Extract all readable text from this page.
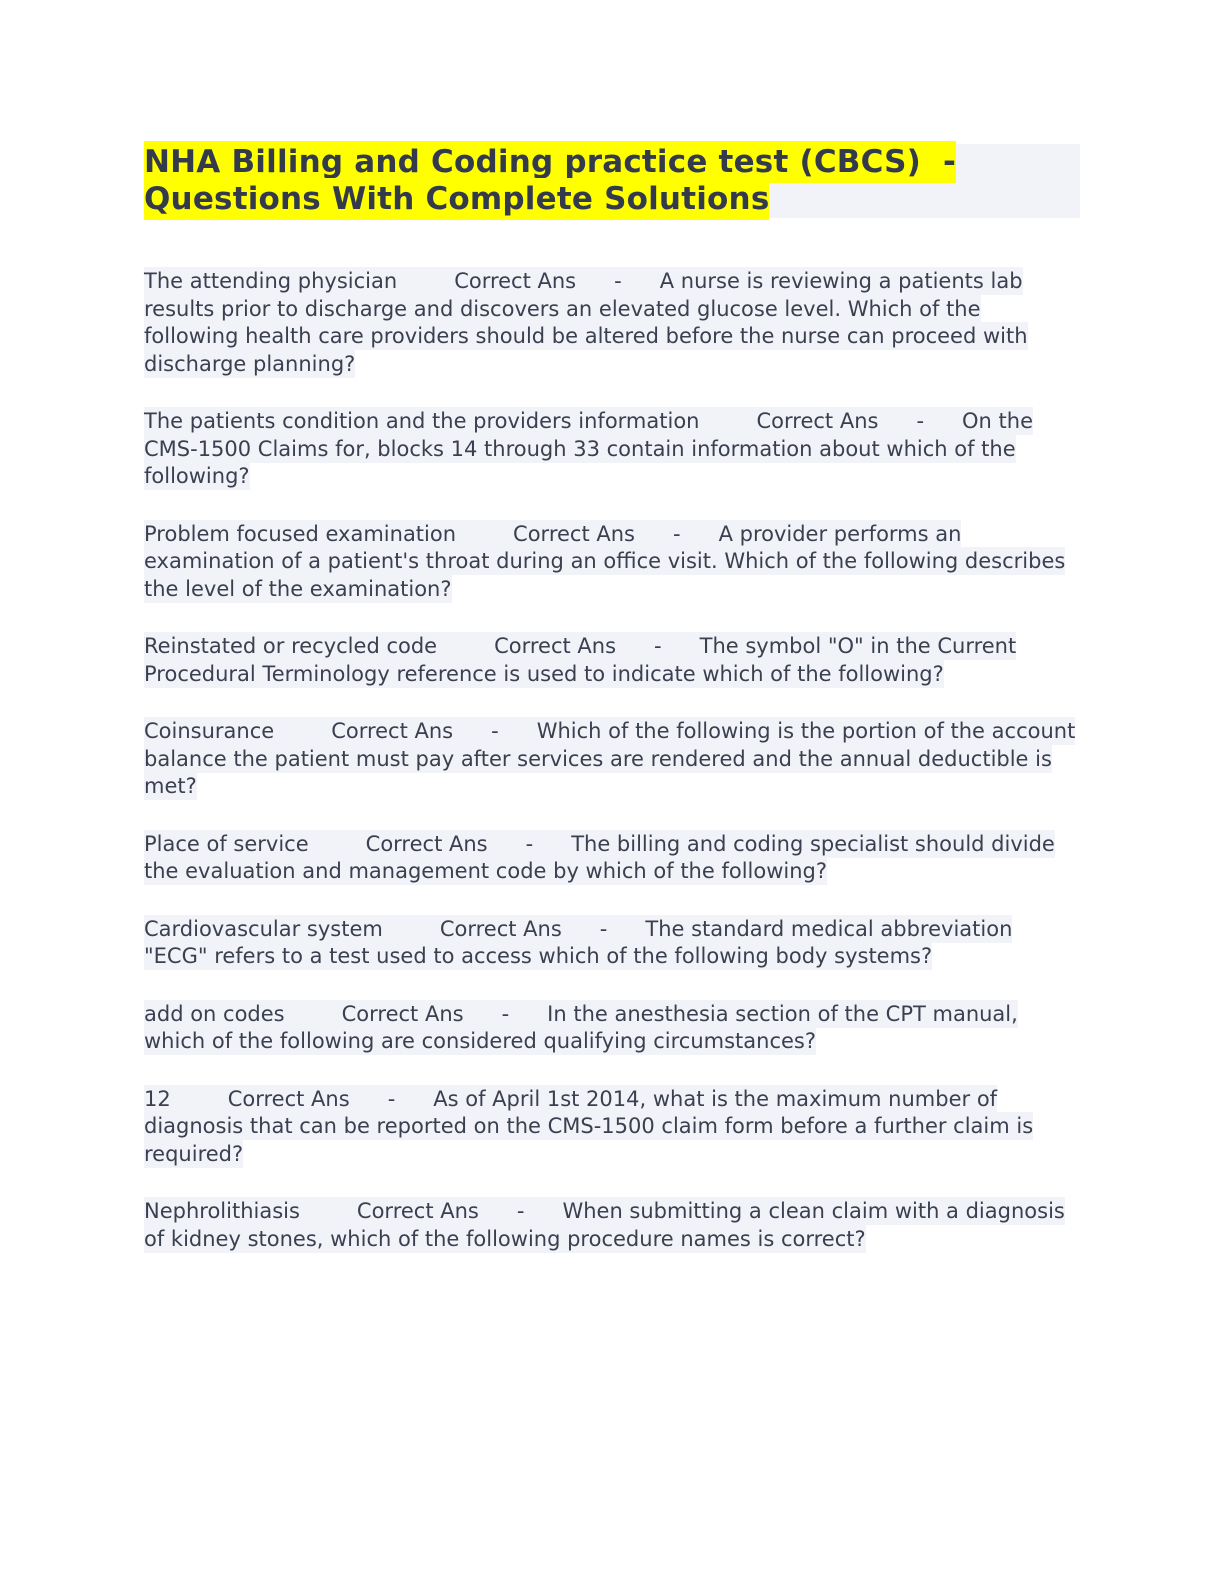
NHA Billing and Coding practice test (CBCS)  - Questions With Complete Solutions

The attending physician	Correct Ans - A nurse is reviewing a patients lab results prior to discharge and discovers an elevated glucose level. Which of the following health care providers should be altered before the nurse can proceed with discharge planning?

The patients condition and the providers information	Correct Ans - On the CMS-1500 Claims for, blocks 14 through 33 contain information about which of the following?

Problem focused examination	Correct Ans - A provider performs an examination of a patient's throat during an office visit. Which of the following describes the level of the examination?

Reinstated or recycled code	Correct Ans - The symbol "O" in the Current Procedural Terminology reference is used to indicate which of the following?

Coinsurance	Correct Ans - Which of the following is the portion of the account balance the patient must pay after services are rendered and the annual deductible is met?

Place of service	Correct Ans - The billing and coding specialist should divide the evaluation and management code by which of the following?

Cardiovascular system	Correct Ans - The standard medical abbreviation "ECG" refers to a test used to access which of the following body systems?

add on codes	Correct Ans - In the anesthesia section of the CPT manual, which of the following are considered qualifying circumstances?

12	Correct Ans - As of April 1st 2014, what is the maximum number of diagnosis that can be reported on the CMS-1500 claim form before a further claim is required?

Nephrolithiasis	Correct Ans - When submitting a clean claim with a diagnosis of kidney stones, which of the following procedure names is correct?
